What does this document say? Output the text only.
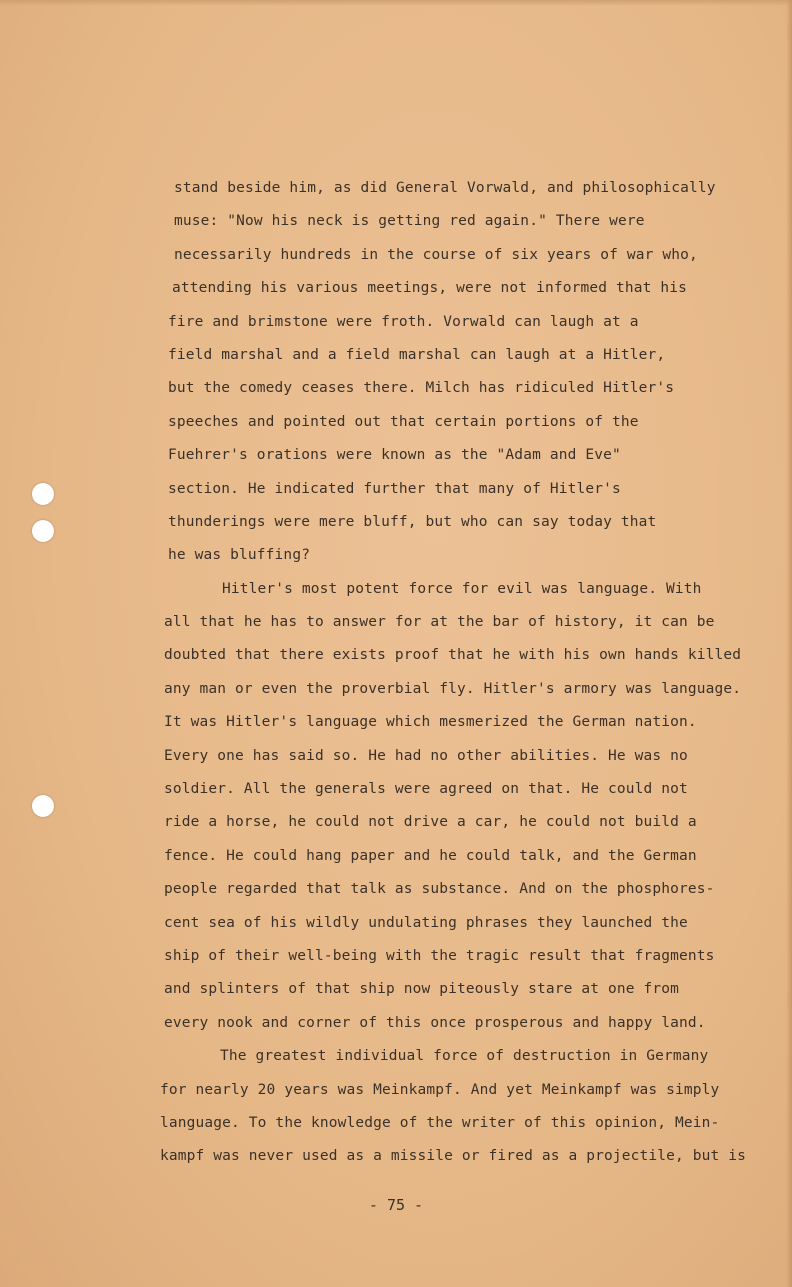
stand beside him, as did General Vorwald, and philosophically
muse: "Now his neck is getting red again." There were
necessarily hundreds in the course of six years of war who,
attending his various meetings, were not informed that his
fire and brimstone were froth. Vorwald can laugh at a
field marshal and a field marshal can laugh at a Hitler,
but the comedy ceases there. Milch has ridiculed Hitler's
speeches and pointed out that certain portions of the
Fuehrer's orations were known as the "Adam and Eve"
section. He indicated further that many of Hitler's
thunderings were mere bluff, but who can say today that
he was bluffing?
Hitler's most potent force for evil was language. With
all that he has to answer for at the bar of history, it can be
doubted that there exists proof that he with his own hands killed
any man or even the proverbial fly. Hitler's armory was language.
It was Hitler's language which mesmerized the German nation.
Every one has said so. He had no other abilities. He was no
soldier. All the generals were agreed on that. He could not
ride a horse, he could not drive a car, he could not build a
fence. He could hang paper and he could talk, and the German
people regarded that talk as substance. And on the phosphores-
cent sea of his wildly undulating phrases they launched the
ship of their well-being with the tragic result that fragments
and splinters of that ship now piteously stare at one from
every nook and corner of this once prosperous and happy land.
The greatest individual force of destruction in Germany
for nearly 20 years was Meinkampf. And yet Meinkampf was simply
language. To the knowledge of the writer of this opinion, Mein-
kampf was never used as a missile or fired as a projectile, but is
- 75 -
